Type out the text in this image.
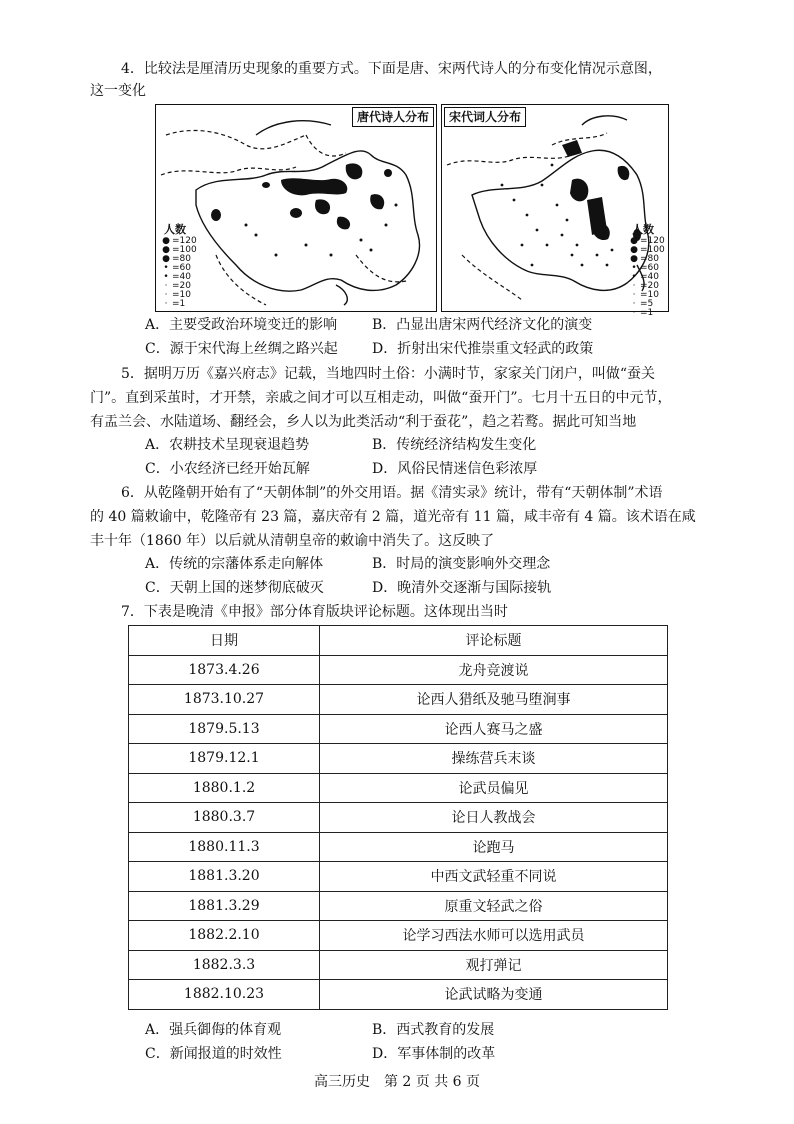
4．比较法是厘清历史现象的重要方式。下面是唐、宋两代诗人的分布变化情况示意图，
这一变化
唐代诗人分布
人数
● = 120
● = 100
● = 80
• = 60
• = 40
· = 20
· = 10
· = 1
宋代词人分布
人数
● = 120
● = 100
● = 80
• = 60
• = 40
· = 20
· = 10
· = 5
· = 1
A．主要受政治环境变迁的影响 B．凸显出唐宋两代经济文化的演变
C．源于宋代海上丝绸之路兴起 D．折射出宋代推崇重文轻武的政策
5．据明万历《嘉兴府志》记载，当地四时土俗：小满时节，家家关门闭户，叫做“蚕关
门”。直到采茧时，才开禁，亲戚之间才可以互相走动，叫做“蚕开门”。七月十五日的中元节，
有盂兰会、水陆道场、翻经会，乡人以为此类活动“利于蚕花”，趋之若鹜。据此可知当地
A．农耕技术呈现衰退趋势	B．传统经济结构发生变化
C．小农经济已经开始瓦解	D．风俗民情迷信色彩浓厚
6．从乾隆朝开始有了“天朝体制”的外交用语。据《清实录》统计，带有“天朝体制”术语
的 40 篇敕谕中，乾隆帝有 23 篇，嘉庆帝有 2 篇，道光帝有 11 篇，咸丰帝有 4 篇。该术语在咸
丰十年（1860 年）以后就从清朝皇帝的敕谕中消失了。这反映了
A．传统的宗藩体系走向解体	B．时局的演变影响外交理念
C．天朝上国的迷梦彻底破灭	D．晚清外交逐渐与国际接轨
7．下表是晚清《申报》部分体育版块评论标题。这体现出当时
日期	评论标题
1873.4.26	龙舟竞渡说
1873.10.27	论西人猎纸及驰马堕涧事
1879.5.13	论西人赛马之盛
1879.12.1	操练营兵末谈
1880.1.2	论武员偏见
1880.3.7	论日人教战会
1880.11.3	论跑马
1881.3.20	中西文武轻重不同说
1881.3.29	原重文轻武之俗
1882.2.10	论学习西法水师可以选用武员
1882.3.3	观打弹记
1882.10.23	论武试略为变通
A．强兵御侮的体育观	B．西式教育的发展
C．新闻报道的时效性	D．军事体制的改革
高三历史　第 2 页 共 6 页
